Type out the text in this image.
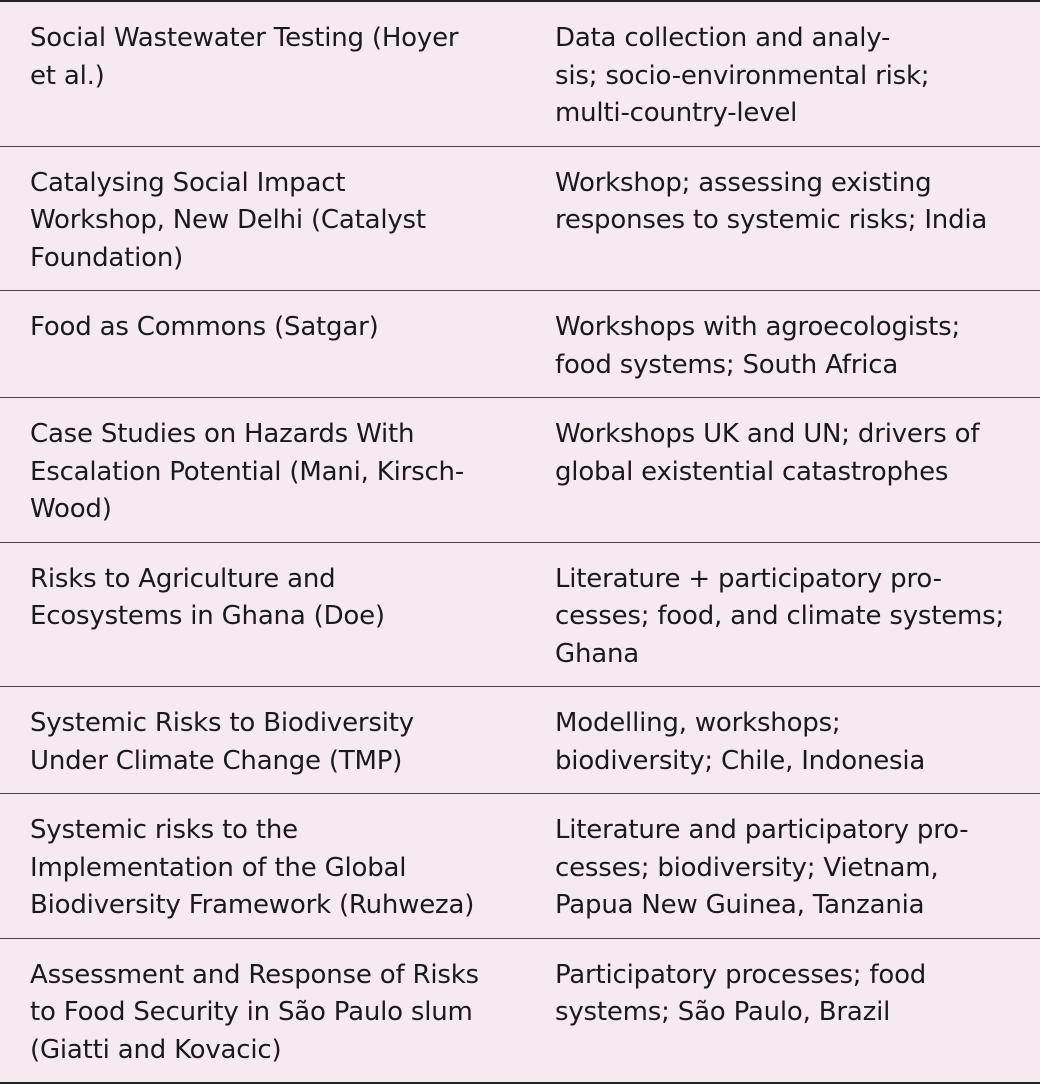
Social Wastewater Testing (Hoyer
et al.)
Data collection and analy-
sis; socio-environmental risk;
multi-country-level
Catalysing Social Impact
Workshop, New Delhi (Catalyst
Foundation)
Workshop; assessing existing
responses to systemic risks; India
Food as Commons (Satgar)	Workshops with agroecologists;
food systems; South Africa
Case Studies on Hazards With
Escalation Potential (Mani, Kirsch-
Wood)
Workshops UK and UN; drivers of
global existential catastrophes
Risks to Agriculture and
Ecosystems in Ghana (Doe)
Literature + participatory pro-
cesses; food, and climate systems;
Ghana
Systemic Risks to Biodiversity
Under Climate Change (TMP)
Modelling, workshops;
biodiversity; Chile, Indonesia
Systemic risks to the
Implementation of the Global
Biodiversity Framework (Ruhweza)
Literature and participatory pro-
cesses; biodiversity; Vietnam,
Papua New Guinea, Tanzania
Assessment and Response of Risks
to Food Security in São Paulo slum
(Giatti and Kovacic)
Participatory processes; food
systems; São Paulo, Brazil
